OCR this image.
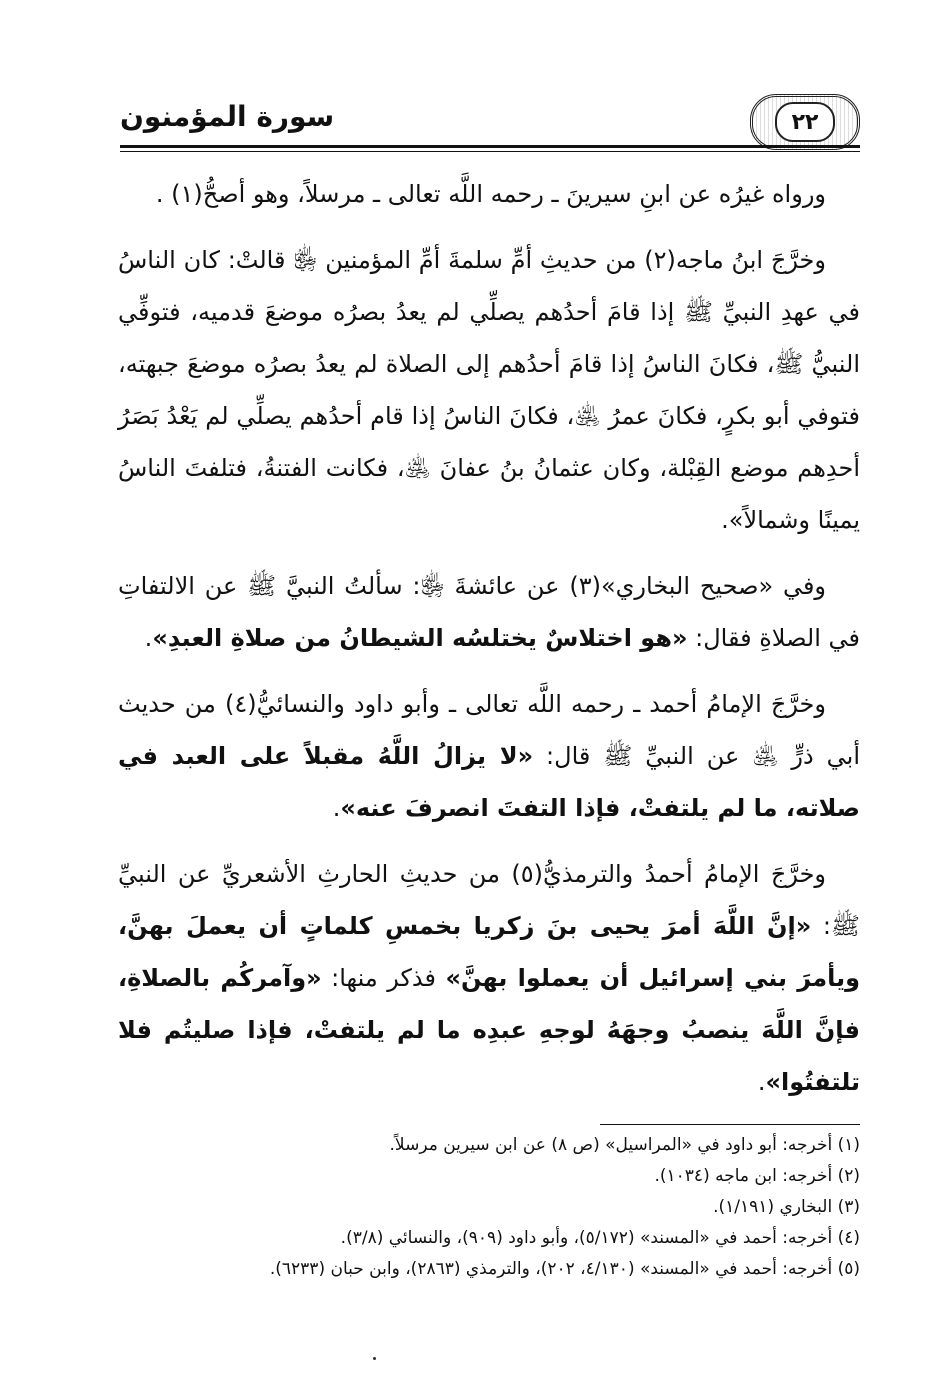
سورة المؤمنون	٢٢

ورواه غيرُه عن ابنِ سيرينَ ـ رحمه اللَّه تعالى ـ مرسلاً، وهو أصحُّ(١) .

وخرَّجَ ابنُ ماجه(٢) من حديثِ أمِّ سلمةَ أمِّ المؤمنين ﵂ قالتْ: كان الناسُ في عهدِ النبيِّ ﷺ إذا قامَ أحدُهم يصلِّي لم يعدُ بصرُه موضعَ قدميه، فتوفِّي النبيُّ ﷺ، فكانَ الناسُ إذا قامَ أحدُهم إلى الصلاة لم يعدُ بصرُه موضعَ جبهته، فتوفي أبو بكرٍ، فكانَ عمرُ ﵁، فكانَ الناسُ إذا قام أحدُهم يصلِّي لم يَعْدُ بَصَرُ أحدِهم موضع القِبْلة، وكان عثمانُ بنُ عفانَ ﵁، فكانت الفتنةُ، فتلفتَ الناسُ يمينًا وشمالاً».

وفي «صحيح البخاري»(٣) عن عائشةَ ﵂: سألتُ النبيَّ ﷺ عن الالتفاتِ في الصلاةِ فقال: «هو اختلاسٌ يختلسُه الشيطانُ من صلاةِ العبدِ».

وخرَّجَ الإمامُ أحمد ـ رحمه اللَّه تعالى ـ وأبو داود والنسائيُّ(٤) من حديث أبي ذرٍّ ﵁ عن النبيِّ ﷺ قال: «لا يزالُ اللَّهُ مقبلاً على العبد في صلاته، ما لم يلتفتْ، فإذا التفتَ انصرفَ عنه».

وخرَّجَ الإمامُ أحمدُ والترمذيُّ(٥) من حديثِ الحارثِ الأشعريِّ عن النبيِّ ﷺ: «إنَّ اللَّهَ أمرَ يحيى بنَ زكريا بخمسِ كلماتٍ أن يعملَ بهنَّ، ويأمرَ بني إسرائيل أن يعملوا بهنَّ» فذكر منها: «وآمركُم بالصلاةِ، فإنَّ اللَّهَ ينصبُ وجهَهُ لوجهِ عبدِه ما لم يلتفتْ، فإذا صليتُم فلا تلتفتُوا».

(١) أخرجه: أبو داود في «المراسيل» (ص ٨) عن ابن سيرين مرسلاً.

(٢) أخرجه: ابن ماجه (١٠٣٤).

(٣) البخاري (١/١٩١).

(٤) أخرجه: أحمد في «المسند» (٥/١٧٢)، وأبو داود (٩٠٩)، والنسائي (٣/٨).

(٥) أخرجه: أحمد في «المسند» (٤/١٣٠، ٢٠٢)، والترمذي (٢٨٦٣)، وابن حبان (٦٢٣٣).
